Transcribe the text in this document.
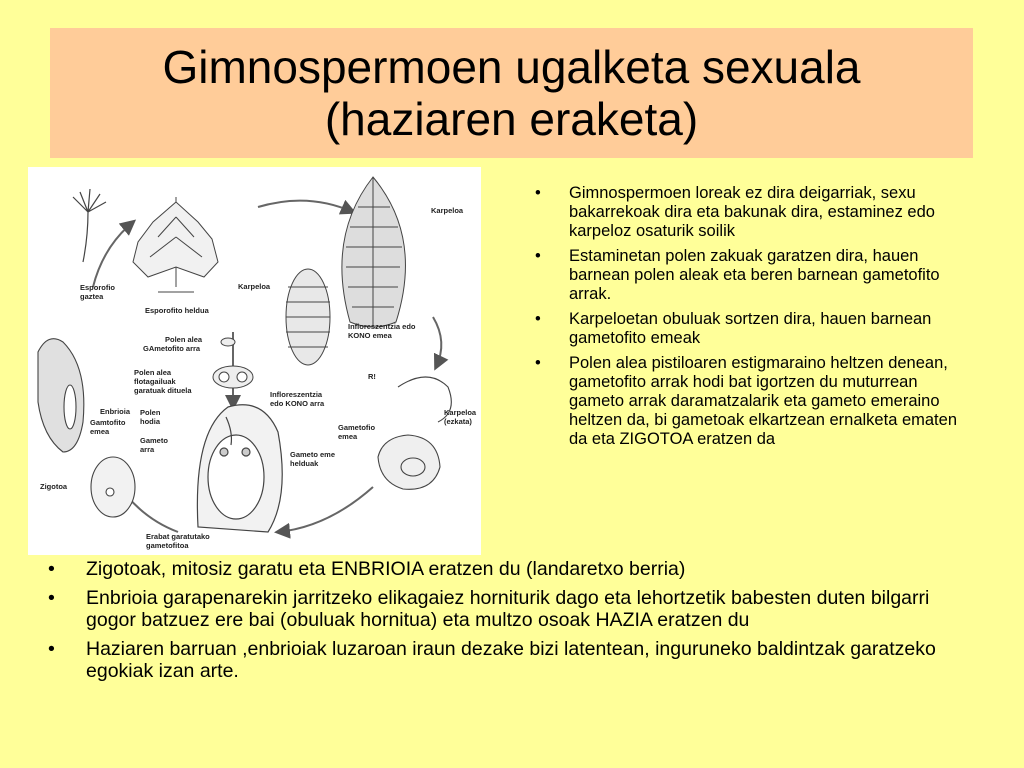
Gimnospermoen ugalketa sexuala
(haziaren eraketa)
Esporofio
gaztea
Esporofito heldua
Karpeloa
Karpeloa
Polen alea
GAmetofito arra
Polen alea
flotagailuak
garatuak dituela
Infloreszentzia edo
KONO emea
Infloreszentzia
edo KONO arra
R!
Enbrioia
Gamtofito
emea
Polen
hodia
Gameto
arra
Gametofio
emea
Karpeloa
(ezkata)
Gameto eme
helduak
Zigotoa
Erabat garatutako
gametofitoa
• Gimnospermoen loreak ez dira deigarriak, sexu bakarrekoak dira eta bakunak dira, estaminez edo karpeloz osaturik soilik
• Estaminetan polen zakuak garatzen dira, hauen barnean polen aleak eta beren barnean gametofito arrak.
• Karpeloetan obuluak sortzen dira, hauen barnean gametofito emeak
• Polen alea pistiloaren estigmaraino heltzen denean, gametofito arrak hodi bat igortzen du muturrean gameto arrak daramatzalarik eta gameto emeraino heltzen da, bi gametoak elkartzean ernalketa ematen da eta ZIGOTOA eratzen da
• Zigotoak, mitosiz garatu eta ENBRIOIA eratzen du (landaretxo berria)
• Enbrioia garapenarekin jarritzeko elikagaiez horniturik dago eta lehortzetik babesten duten bilgarri gogor batzuez ere bai (obuluak hornitua) eta multzo osoak HAZIA eratzen du
• Haziaren barruan ,enbrioiak luzaroan iraun dezake bizi latentean, inguruneko baldintzak garatzeko egokiak izan arte.
